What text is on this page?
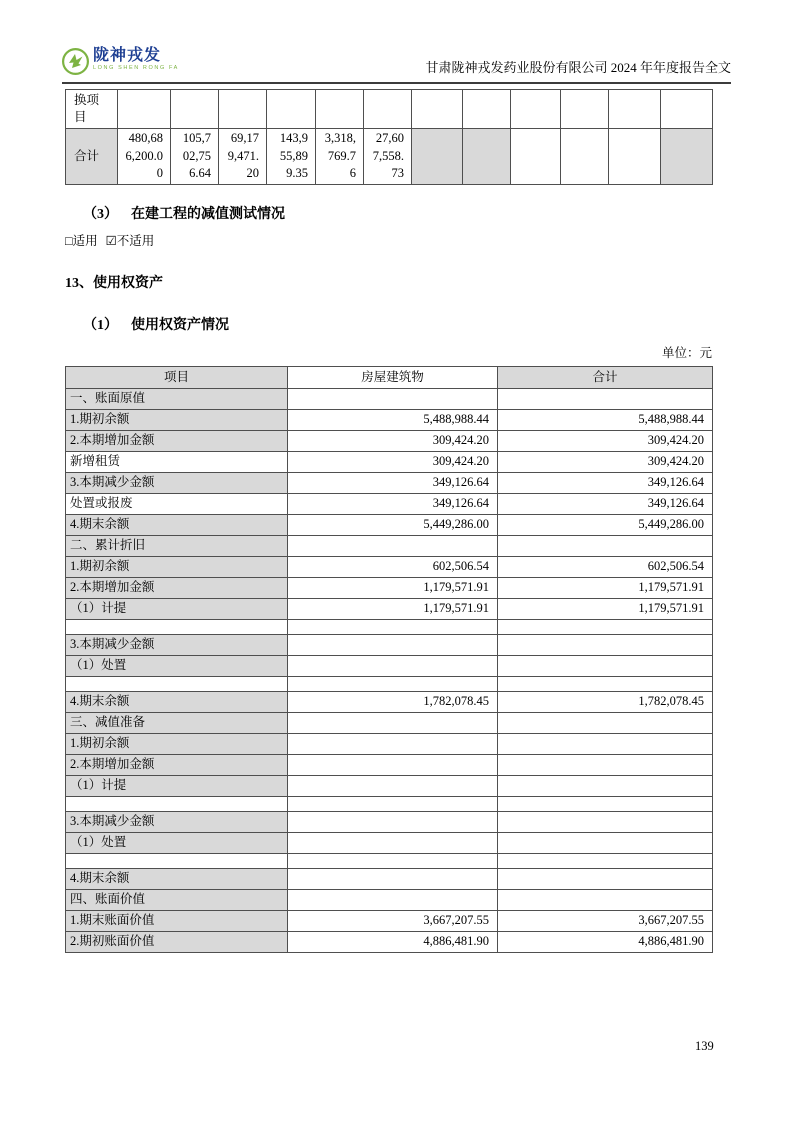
陇神戎发
LONG SHEN RONG FA	甘肃陇神戎发药业股份有限公司 2024 年年度报告全文
换项目												
合计	480,686,200.00	105,702,756.64	69,179,471.20	143,955,899.35	3,318,769.76	27,607,558.73						
（3） 在建工程的减值测试情况
□适用 ☑不适用
13、使用权资产
（1） 使用权资产情况
单位：元
项目	房屋建筑物	合计
一、账面原值		
1.期初余额	5,488,988.44	5,488,988.44
2.本期增加金额	309,424.20	309,424.20
新增租赁	309,424.20	309,424.20
3.本期减少金额	349,126.64	349,126.64
处置或报废	349,126.64	349,126.64
4.期末余额	5,449,286.00	5,449,286.00
二、累计折旧		
1.期初余额	602,506.54	602,506.54
2.本期增加金额	1,179,571.91	1,179,571.91
（1）计提	1,179,571.91	1,179,571.91

3.本期减少金额		
（1）处置		

4.期末余额	1,782,078.45	1,782,078.45
三、减值准备		
1.期初余额		
2.本期增加金额		
（1）计提		

3.本期减少金额		
（1）处置		

4.期末余额		
四、账面价值		
1.期末账面价值	3,667,207.55	3,667,207.55
2.期初账面价值	4,886,481.90	4,886,481.90
139
